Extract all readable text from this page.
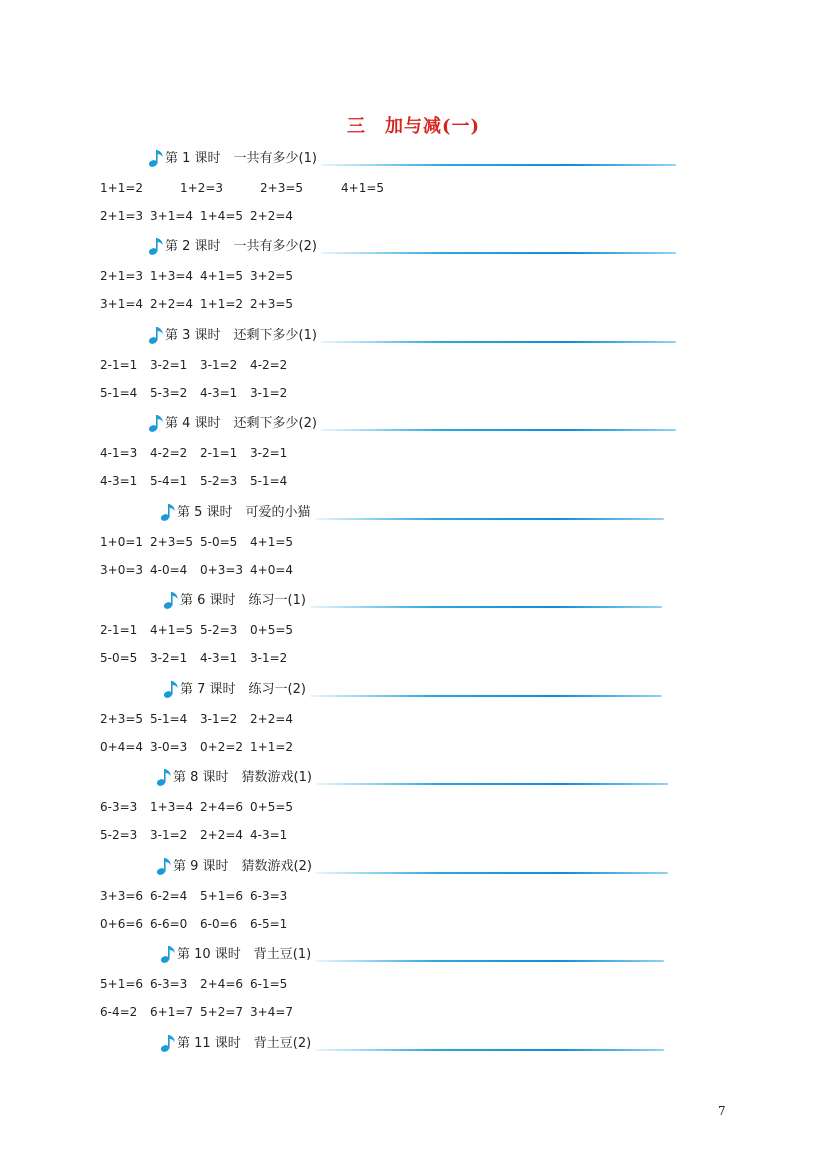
三　加与减(一)
第 1 课时　一共有多少(1)
1+1=2	1+2=3	2+3=5	4+1=5
2+1=3 3+1=4 1+4=5 2+2=4
第 2 课时　一共有多少(2)
2+1=3 1+3=4 4+1=5 3+2=5
3+1=4 2+2=4 1+1=2 2+3=5
第 3 课时　还剩下多少(1)
2-1=1 3-2=1 3-1=2 4-2=2
5-1=4 5-3=2 4-3=1 3-1=2
第 4 课时　还剩下多少(2)
4-1=3 4-2=2 2-1=1 3-2=1
4-3=1 5-4=1 5-2=3 5-1=4
第 5 课时　可爱的小猫
1+0=1 2+3=5 5-0=5 4+1=5
3+0=3 4-0=4 0+3=3 4+0=4
第 6 课时　练习一(1)
2-1=1 4+1=5 5-2=3 0+5=5
5-0=5 3-2=1 4-3=1 3-1=2
第 7 课时　练习一(2)
2+3=5 5-1=4 3-1=2 2+2=4
0+4=4 3-0=3 0+2=2 1+1=2
第 8 课时　猜数游戏(1)
6-3=3 1+3=4 2+4=6 0+5=5
5-2=3 3-1=2 2+2=4 4-3=1
第 9 课时　猜数游戏(2)
3+3=6 6-2=4 5+1=6 6-3=3
0+6=6 6-6=0 6-0=6 6-5=1
第 10 课时　背土豆(1)
5+1=6 6-3=3 2+4=6 6-1=5
6-4=2 6+1=7 5+2=7 3+4=7
第 11 课时　背土豆(2)
7
